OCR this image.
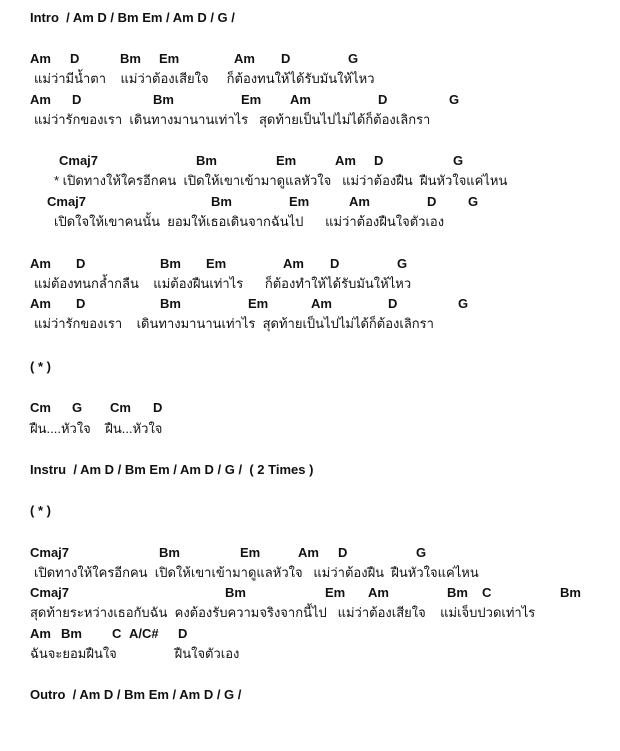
Intro  / Am D / Bm Em / Am D / G /

Am

D

	Bm

Em

	Am

D

	G

แม่ว่ามีน้ำตา    แม่ว่าต้องเสียใจ     ก็ต้องทนให้ได้รับมันให้ไหว

Am

D

	Bm

	Em

Am

	D

	G

แม่ว่ารักของเรา  เดินทางมานานเท่าไร   สุดท้ายเป็นไปไม่ได้ก็ต้องเลิกรา

Cmaj7

	Bm

	Em

	Am

D

	G

* เปิดทางให้ใครอีกคน  เปิดให้เขาเข้ามาดูแลหัวใจ   แม่ว่าต้องฝืน  ฝืนหัวใจแค่ไหน

Cmaj7

	Bm

	Em

	Am

	D

G

เปิดใจให้เขาคนนั้น  ยอมให้เธอเดินจากฉันไป      แม่ว่าต้องฝืนใจตัวเอง

Am

D

	Bm

Em

	Am

D

	G

แม่ต้องทนกล้ำกลืน    แม่ต้องฝืนเท่าไร      ก็ต้องทำให้ได้รับมันให้ไหว

Am

D

	Bm

	Em

	Am

	D

	G

แม่ว่ารักของเรา    เดินทางมานานเท่าไร  สุดท้ายเป็นไปไม่ได้ก็ต้องเลิกรา

( * )

Cm

G

Cm

D

ฝืน....หัวใจ    ฝืน...หัวใจ

Instru  / Am D / Bm Em / Am D / G /  ( 2 Times )
( * )

Cmaj7

	Bm

	Em

	Am

D

	G

เปิดทางให้ใครอีกคน  เปิดให้เขาเข้ามาดูแลหัวใจ   แม่ว่าต้องฝืน  ฝืนหัวใจแค่ไหน

Cmaj7

	Bm

	Em

Am

	Bm

C

	Bm

สุดท้ายระหว่างเธอกับฉัน  คงต้องรับความจริงจากนี้ไป   แม่ว่าต้องเสียใจ    แม่เจ็บปวดเท่าไร

Am

Bm

C

A/C#

D

ฉันจะยอมฝืนใจ                ฝืนใจตัวเอง

Outro  / Am D / Bm Em / Am D / G /
